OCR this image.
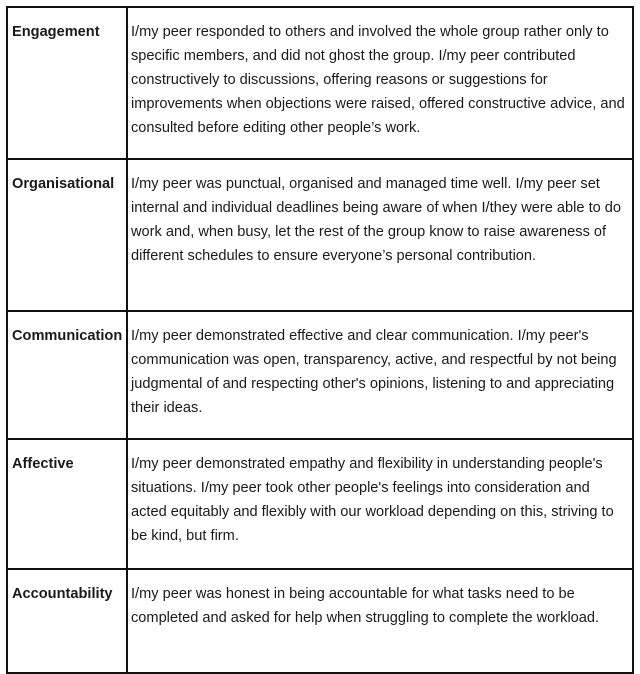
Engagement	I/my peer responded to others and involved the whole group rather only to specific members, and did not ghost the group. I/my peer contributed constructively to discussions, offering reasons or suggestions for improvements when objections were raised, offered constructive advice, and consulted before editing other people’s work.
Organisational	I/my peer was punctual, organised and managed time well. I/my peer set internal and individual deadlines being aware of when I/they were able to do work and, when busy, let the rest of the group know to raise awareness of different schedules to ensure everyone’s personal contribution.
Communication	I/my peer demonstrated effective and clear communication. I/my peer's communication was open, transparency, active, and respectful by not being judgmental of and respecting other's opinions, listening to and appreciating their ideas.
Affective	I/my peer demonstrated empathy and flexibility in understanding people's situations. I/my peer took other people's feelings into consideration and acted equitably and flexibly with our workload depending on this, striving to be kind, but firm.
Accountability	I/my peer was honest in being accountable for what tasks need to be completed and asked for help when struggling to complete the workload.
